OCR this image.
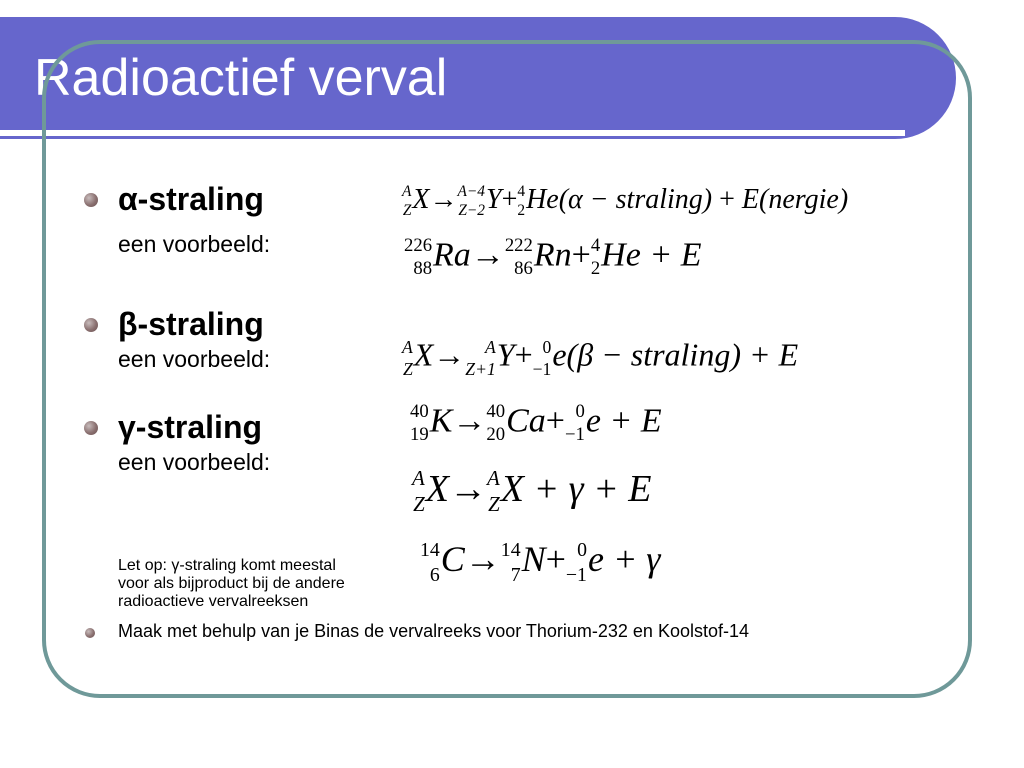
Radioactief verval
α-straling
een voorbeeld:
A
Z X→ A−4
Z−2 Y+ 4
2 He(α − straling) + E(nergie)
226
88 Ra→ 222
86 Rn+ 4
2 He + E
β-straling
een voorbeeld:	A
Z X→	A
Z+1 Y+ 0
−1 e(β − straling) + E
40
19 K→ 40
20 Ca+ 0
−1 e + E
γ-straling
een voorbeeld:
A
Z X→ A
Z X + γ + E
14
6 C→ 14
7 N+ 0
−1 e + γ
Let op: γ-straling komt meestal
voor als bijproduct bij de andere
radioactieve vervalreeksen
Maak met behulp van je Binas de vervalreeks voor Thorium-232 en Koolstof-14
